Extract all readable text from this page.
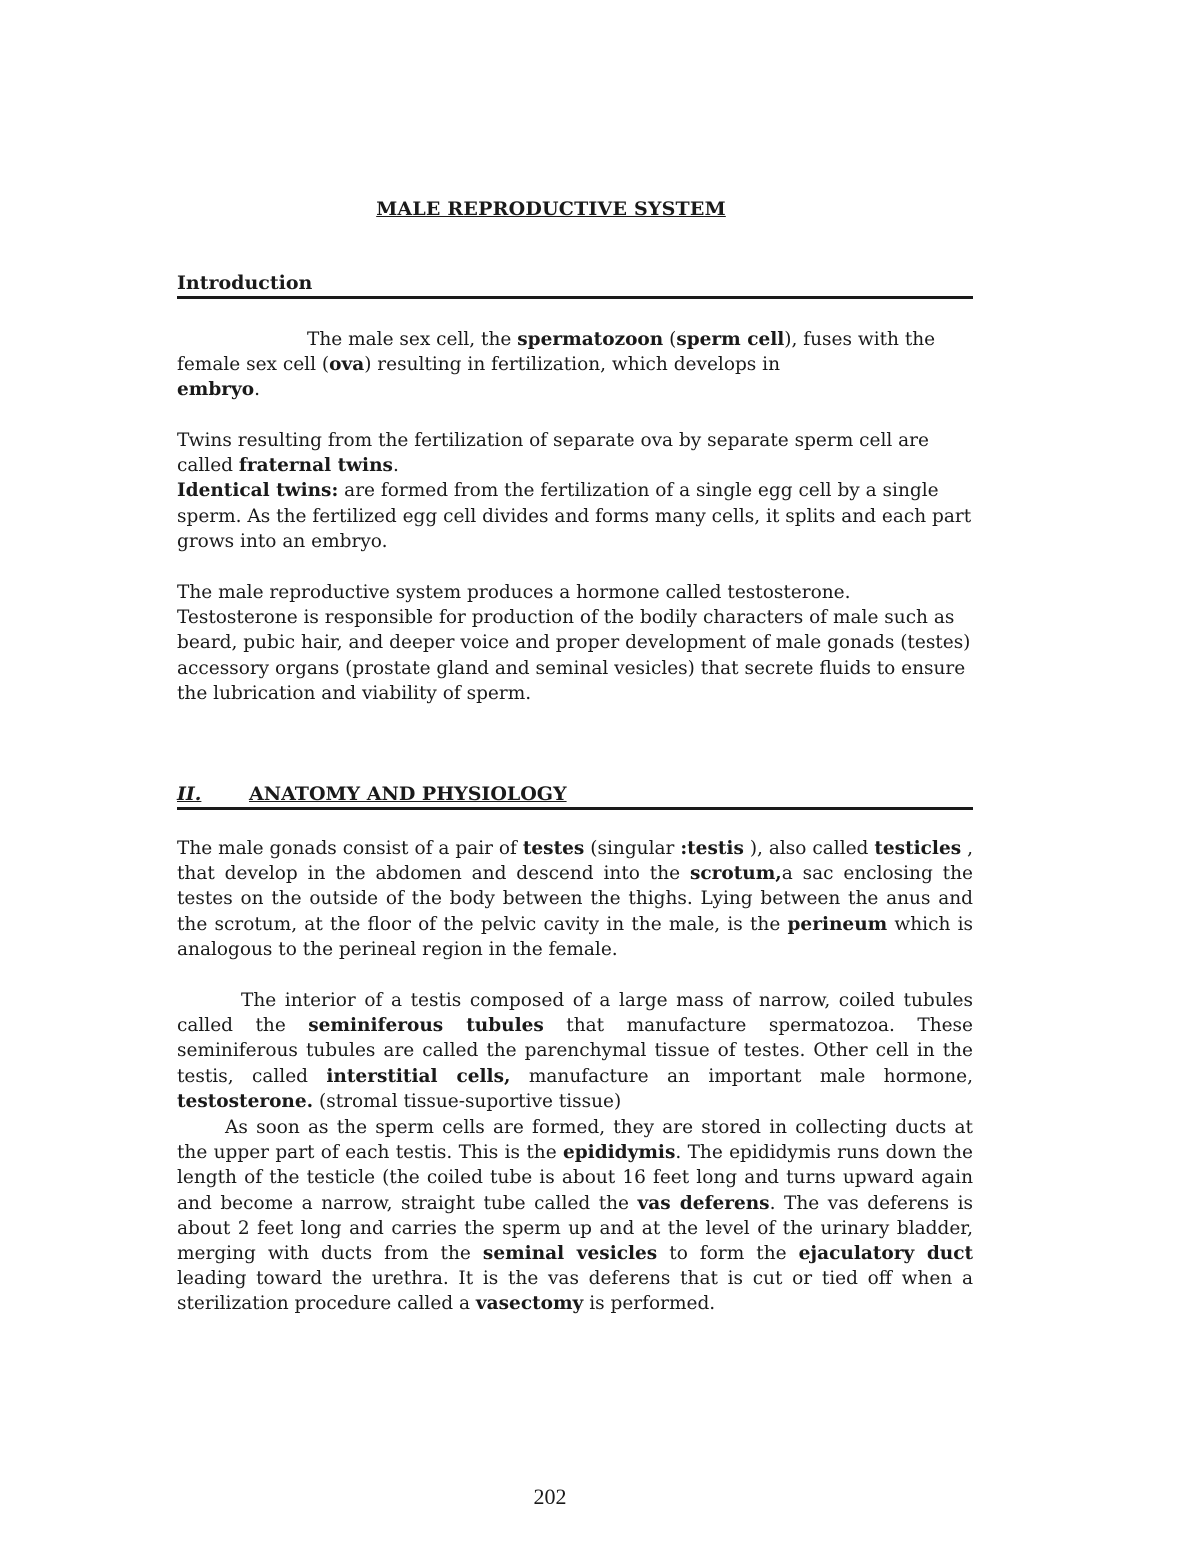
MALE REPRODUCTIVE SYSTEM
Introduction

The male sex cell, the spermatozoon (sperm cell), fuses with the female sex cell (ova) resulting in fertilization, which develops in
embryo.

Twins resulting from the fertilization of separate ova by separate sperm cell are called fraternal twins.
Identical twins: are formed from the fertilization of a single egg cell by a single sperm. As the fertilized egg cell divides and forms many cells, it splits and each part grows into an embryo.

The male reproductive system produces a hormone called testosterone. Testosterone is responsible for production of the bodily characters of male such as beard, pubic hair, and deeper voice and proper development of male gonads (testes) accessory organs (prostate gland and seminal vesicles) that secrete fluids to ensure the lubrication and viability of sperm.

II.	ANATOMY AND PHYSIOLOGY

The male gonads consist of a pair of testes (singular :testis ), also called testicles , that develop in the abdomen and descend into the scrotum,a sac enclosing the testes on the outside of the body between the thighs. Lying between the anus and the scrotum, at the floor of the pelvic cavity in the male, is the perineum which is analogous to the perineal region in the female.

The interior of a testis composed of a large mass of narrow, coiled tubules called the seminiferous tubules that manufacture spermatozoa. These seminiferous tubules are called the parenchymal tissue of testes. Other cell in the testis, called interstitial cells, manufacture an important male hormone, testosterone. (stromal tissue-suportive tissue)

As soon as the sperm cells are formed, they are stored in collecting ducts at the upper part of each testis. This is the epididymis. The epididymis runs down the length of the testicle (the coiled tube is about 16 feet long and turns upward again and become a narrow, straight tube called the vas deferens. The vas deferens is about 2 feet long and carries the sperm up and at the level of the urinary bladder, merging with ducts from the seminal vesicles to form the ejaculatory duct leading toward the urethra. It is the vas deferens that is cut or tied off when a sterilization procedure called a vasectomy is performed.

202
